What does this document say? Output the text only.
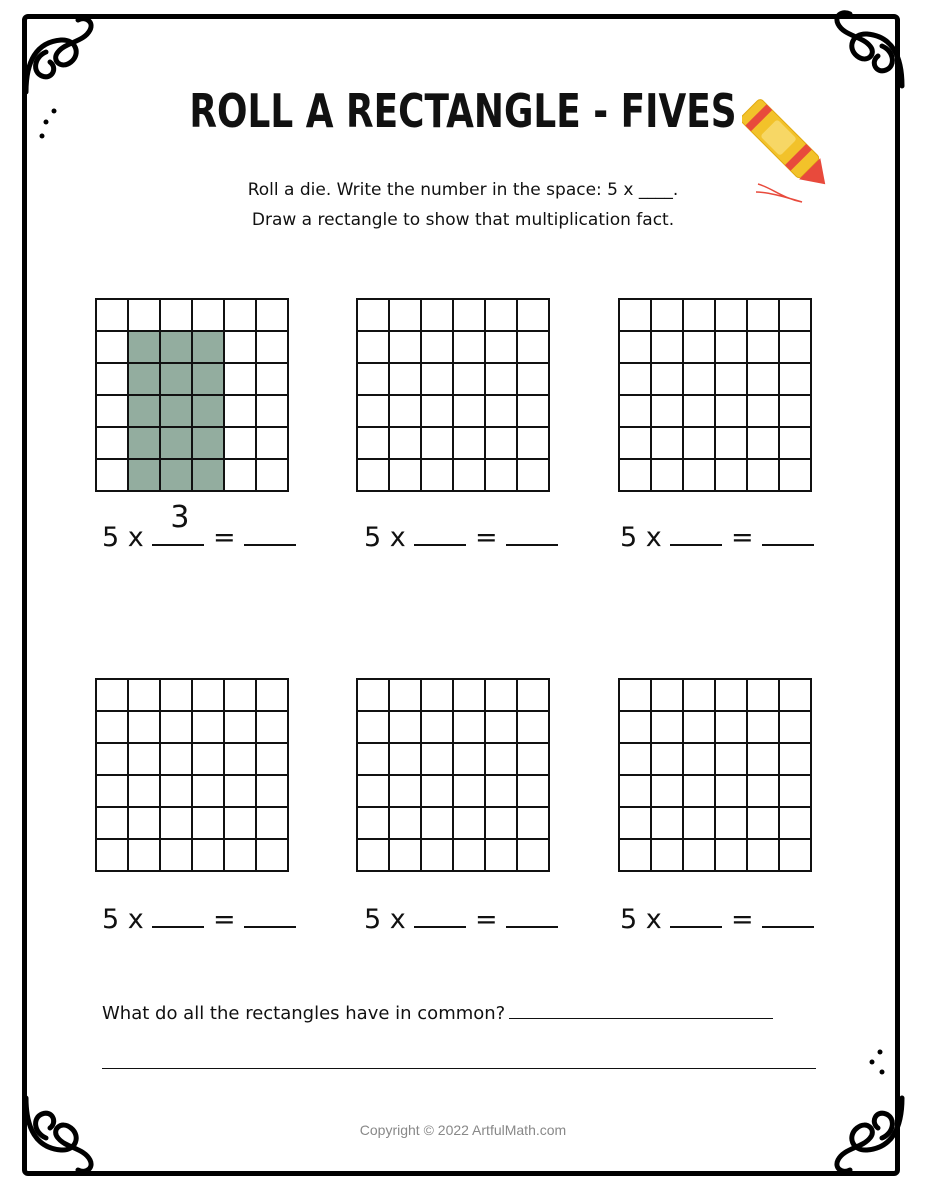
ROLL A RECTANGLE - FIVES
Roll a die. Write the number in the space: 5 x ____.
Draw a rectangle to show that multiplication fact.
5 x
3
=	5 x	=	5 x	=
5 x	=	5 x	=	5 x	=
What do all the rectangles have in common?
Copyright © 2022 ArtfulMath.com
